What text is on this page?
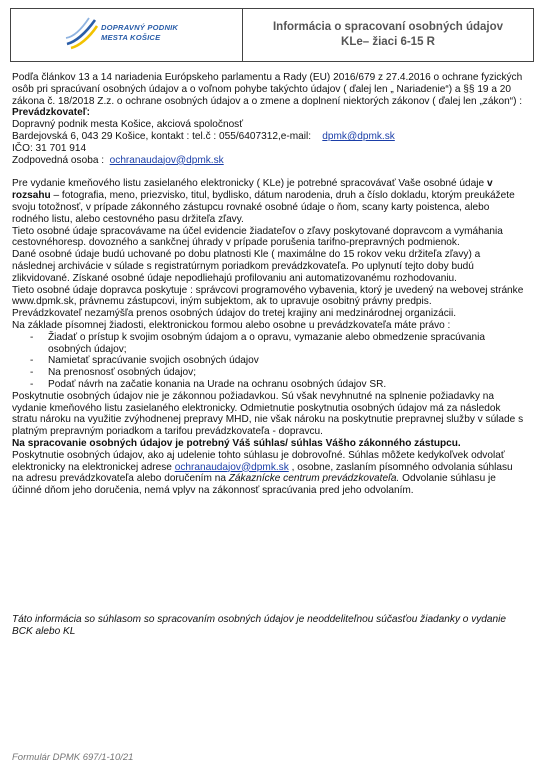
DOPRAVNÝ PODNIK
MESTA KOŠICE
Informácia o spracovaní osobných údajov
KLe– žiaci 6-15 R

Podľa článkov 13 a 14 nariadenia Európskeho parlamentu a Rady (EU) 2016/679 z 27.4.2016 o ochrane fyzických osôb pri spracúvaní osobných údajov a o voľnom pohybe takýchto údajov ( ďalej len „ Nariadenie“) a §§ 19 a 20 zákona č. 18/2018 Z.z. o ochrane osobných údajov a o zmene a doplnení niektorých zákonov ( ďalej len „zákon“) :

Prevádzkovateľ:

Dopravný podnik mesta Košice, akciová spoločnosť

Bardejovská 6, 043 29 Košice, kontakt : tel.č : 055/6407312,e-mail: dpmk@dpmk.sk

IČO: 31 701 914

Zodpovedná osoba : ochranaudajov@dpmk.sk

Pre vydanie kmeňového listu zasielaného elektronicky ( KLe) je potrebné spracovávať Vaše osobné údaje v rozsahu – fotografia, meno, priezvisko, titul, bydlisko, dátum narodenia, druh a číslo dokladu, ktorým preukážete svoju totožnosť, v prípade zákonného zástupcu rovnaké osobné údaje o ňom, scany karty poistenca, alebo rodného listu, alebo cestovného pasu držiteľa zľavy.

Tieto osobné údaje spracovávame na účel evidencie žiadateľov o zľavy poskytované dopravcom a vymáhania cestovnéhoresp. dovozného a sankčnej úhrady v prípade porušenia tarifno-prepravných podmienok.

Dané osobné údaje budú uchované po dobu platnosti Kle ( maximálne do 15 rokov veku držiteľa zľavy) a následnej archivácie v súlade s registratúrnym poriadkom prevádzkovateľa. Po uplynutí tejto doby budú zlikvidované. Získané osobné údaje nepodliehajú profilovaniu ani automatizovanému rozhodovaniu.

Tieto osobné údaje dopravca poskytuje : správcovi programového vybavenia, ktorý je uvedený na webovej stránke www.dpmk.sk, právnemu zástupcovi, iným subjektom, ak to upravuje osobitný právny predpis.

Prevádzkovateľ nezamýšľa prenos osobných údajov do tretej krajiny ani medzinárodnej organizácii.

Na základe písomnej žiadosti, elektronickou formou alebo osobne u prevádzkovateľa máte právo :

- Žiadať o prístup k svojim osobným údajom a o opravu, vymazanie alebo obmedzenie spracúvania osobných údajov;
- Namietať spracúvanie svojich osobných údajov
- Na prenosnosť osobných údajov;
- Podať návrh na začatie konania na Urade na ochranu osobných údajov SR.

Poskytnutie osobných údajov nie je zákonnou požiadavkou. Sú však nevyhnutné na splnenie požiadavky na vydanie kmeňového listu zasielaného elektronicky. Odmietnutie poskytnutia osobných údajov má za následok stratu nároku na využitie zvýhodnenej prepravy MHD, nie však nároku na poskytnutie prepravnej služby v súlade s platným prepravným poriadkom a tarifou prevádzkovateľa - dopravcu.

Na spracovanie osobných údajov je potrebný Váš súhlas/ súhlas Vášho zákonného zástupcu.

Poskytnutie osobných údajov, ako aj udelenie tohto súhlasu je dobrovoľné. Súhlas môžete kedykoľvek odvolať elektronicky na elektronickej adrese ochranaudajov@dpmk.sk , osobne, zaslaním písomného odvolania súhlasu na adresu prevádzkovateľa alebo doručením na Zákaznícke centrum prevádzkovateľa. Odvolanie súhlasu je účinné dňom jeho doručenia, nemá vplyv na zákonnosť spracúvania pred jeho odvolaním.

Táto informácia so súhlasom so spracovaním osobných údajov je neoddeliteľnou súčasťou žiadanky o vydanie BCK alebo KL
Formulár DPMK 697/1-10/21
